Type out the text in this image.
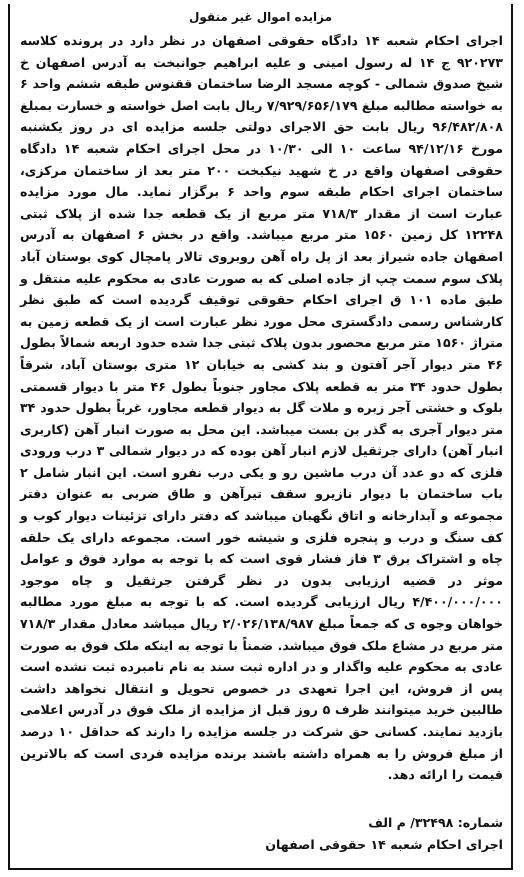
مزایده اموال غیر منقول

اجرای احکام شعبه ۱۴ دادگاه حقوقی اصفهان در نظر دارد در پرونده کلاسه ۹۲۰۲۷۳ ج ۱۴ له رسول امینی و علیه ابراهیم جوانبخت به آدرس اصفهان خ شیخ صدوق شمالی - کوچه مسجد الرضا ساختمان ققنوس طبقه ششم واحد ۶ به خواسته مطالبه مبلغ ۷/۹۲۹/۶۵۶/۱۷۹ ریال بابت اصل خواسته و خسارت بمبلغ ۹۶/۴۸۲/۸۰۸ ریال بابت حق الاجرای دولتی جلسه مزایده ای در روز یکشنبه مورخ ۹۴/۱۲/۱۶ ساعت ۱۰ الی ۱۰/۳۰ در محل اجرای احکام شعبه ۱۴ دادگاه حقوقی اصفهان واقع در خ شهید نیکبخت ۲۰۰ متر بعد از ساختمان مرکزی، ساختمان اجرای احکام طبقه سوم واحد ۶ برگزار نماید. مال مورد مزایده عبارت است از مقدار ۷۱۸/۳ متر مربع از یک قطعه جدا شده از پلاک ثبتی ۱۲۲۴۸ کل زمین ۱۵۶۰ متر مربع میباشد. واقع در بخش ۶ اصفهان به آدرس اصفهان جاده شیراز بعد از پل راه آهن روبروی تالار پامچال کوی بوستان آباد پلاک سوم سمت چپ از جاده اصلی که به صورت عادی به محکوم علیه منتقل و طبق ماده ۱۰۱ ق اجرای احکام حقوقی توقیف گردیده است که طبق نظر کارشناس رسمی دادگستری محل مورد نظر عبارت است از یک قطعه زمین به متراژ ۱۵۶۰ متر مربع محصور بدون پلاک ثبتی جدا شده حدود اربعه شمالاً بطول ۴۶ متر دیوار آجر آفتون و بند کشی به خیابان ۱۲ متری بوستان آباد، شرقاً بطول حدود ۳۴ متر به قطعه پلاک مجاور جنوباً بطول ۴۶ متر با دیوار قسمتی بلوک و خشتی آجر زبره و ملات گل به دیوار قطعه مجاور، غرباً بطول حدود ۳۴ متر دیوار آجری به گذر بن بست میباشد. این محل به صورت انبار آهن (کاربری انبار آهن) دارای جرثقیل لازم انبار آهن بوده که در دیوار شمالی ۳ درب ورودی فلزی که دو عدد آن درب ماشین رو و یکی درب نفرو است. این انبار شامل ۲ باب ساختمان با دیوار نازیرو سقف تیرآهن و طاق ضربی به عنوان دفتر مجموعه و آبدارخانه و اتاق نگهبان میباشد که دفتر دارای تزئینات دیوار کوب و کف سنگ و درب و پنجره فلزی و شیشه خور است. مجموعه دارای یک حلقه چاه و اشتراک برق ۳ فاز فشار قوی است که با توجه به موارد فوق و عوامل موثر در قضیه ارزیابی بدون در نظر گرفتن جرثقیل و چاه موجود ۴/۴۰۰/۰۰۰/۰۰۰ ریال ارزیابی گردیده است. که با توجه به مبلغ مورد مطالبه خواهان وجوه ی که جمعاً مبلغ ۲/۰۲۶/۱۳۸/۹۸۷ ریال میباشد معادل مقدار ۷۱۸/۳ متر مربع در مشاع ملک فوق میباشد. ضمناً با توجه به اینکه ملک فوق به صورت عادی به محکوم علیه واگذار و در اداره ثبت سند به نام نامبرده ثبت نشده است پس از فروش، این اجرا تعهدی در خصوص تحویل و انتقال نخواهد داشت طالبین خرید میتوانند ظرف ۵ روز قبل از مزایده از ملک فوق در آدرس اعلامی بازدید نمایند. کسانی حق شرکت در جلسه مزایده را دارند که حداقل ۱۰ درصد از مبلغ فروش را به همراه داشته باشند برنده مزایده فردی است که بالاترین قیمت را ارائه دهد.

شماره: ۳۲۴۹۸/ م الف
اجرای احکام شعبه ۱۴ حقوقی اصفهان
